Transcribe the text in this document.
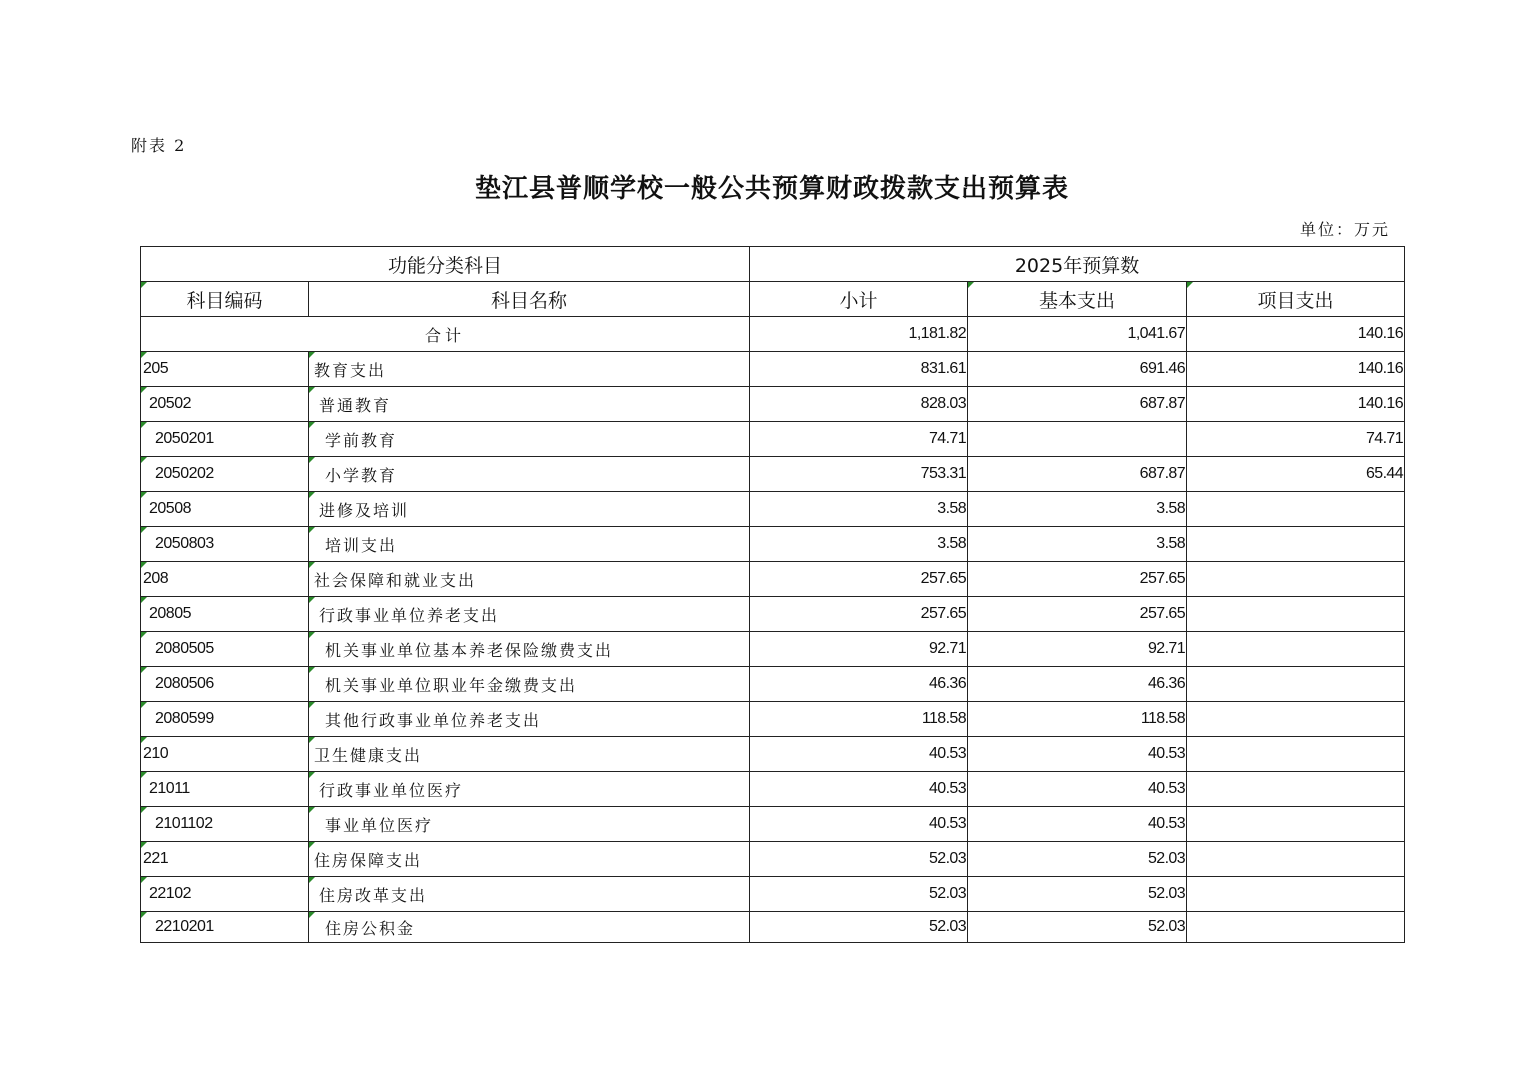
附表 2
垫江县普顺学校一般公共预算财政拨款支出预算表
单位：万元
功能分类科目		2025年预算数		
科目编码	科目名称	小计	基本支出	项目支出
合计		1,181.82	1,041.67	140.16
205	教育支出	831.61	691.46	140.16
20502	普通教育	828.03	687.87	140.16
2050201	学前教育	74.71		74.71
2050202	小学教育	753.31	687.87	65.44
20508	进修及培训	3.58	3.58	
2050803	培训支出	3.58	3.58	
208	社会保障和就业支出	257.65	257.65	
20805	行政事业单位养老支出	257.65	257.65	
2080505	机关事业单位基本养老保险缴费支出	92.71	92.71	
2080506	机关事业单位职业年金缴费支出	46.36	46.36	
2080599	其他行政事业单位养老支出	118.58	118.58	
210	卫生健康支出	40.53	40.53	
21011	行政事业单位医疗	40.53	40.53	
2101102	事业单位医疗	40.53	40.53	
221	住房保障支出	52.03	52.03	
22102	住房改革支出	52.03	52.03	
2210201	住房公积金	52.03	52.03	
